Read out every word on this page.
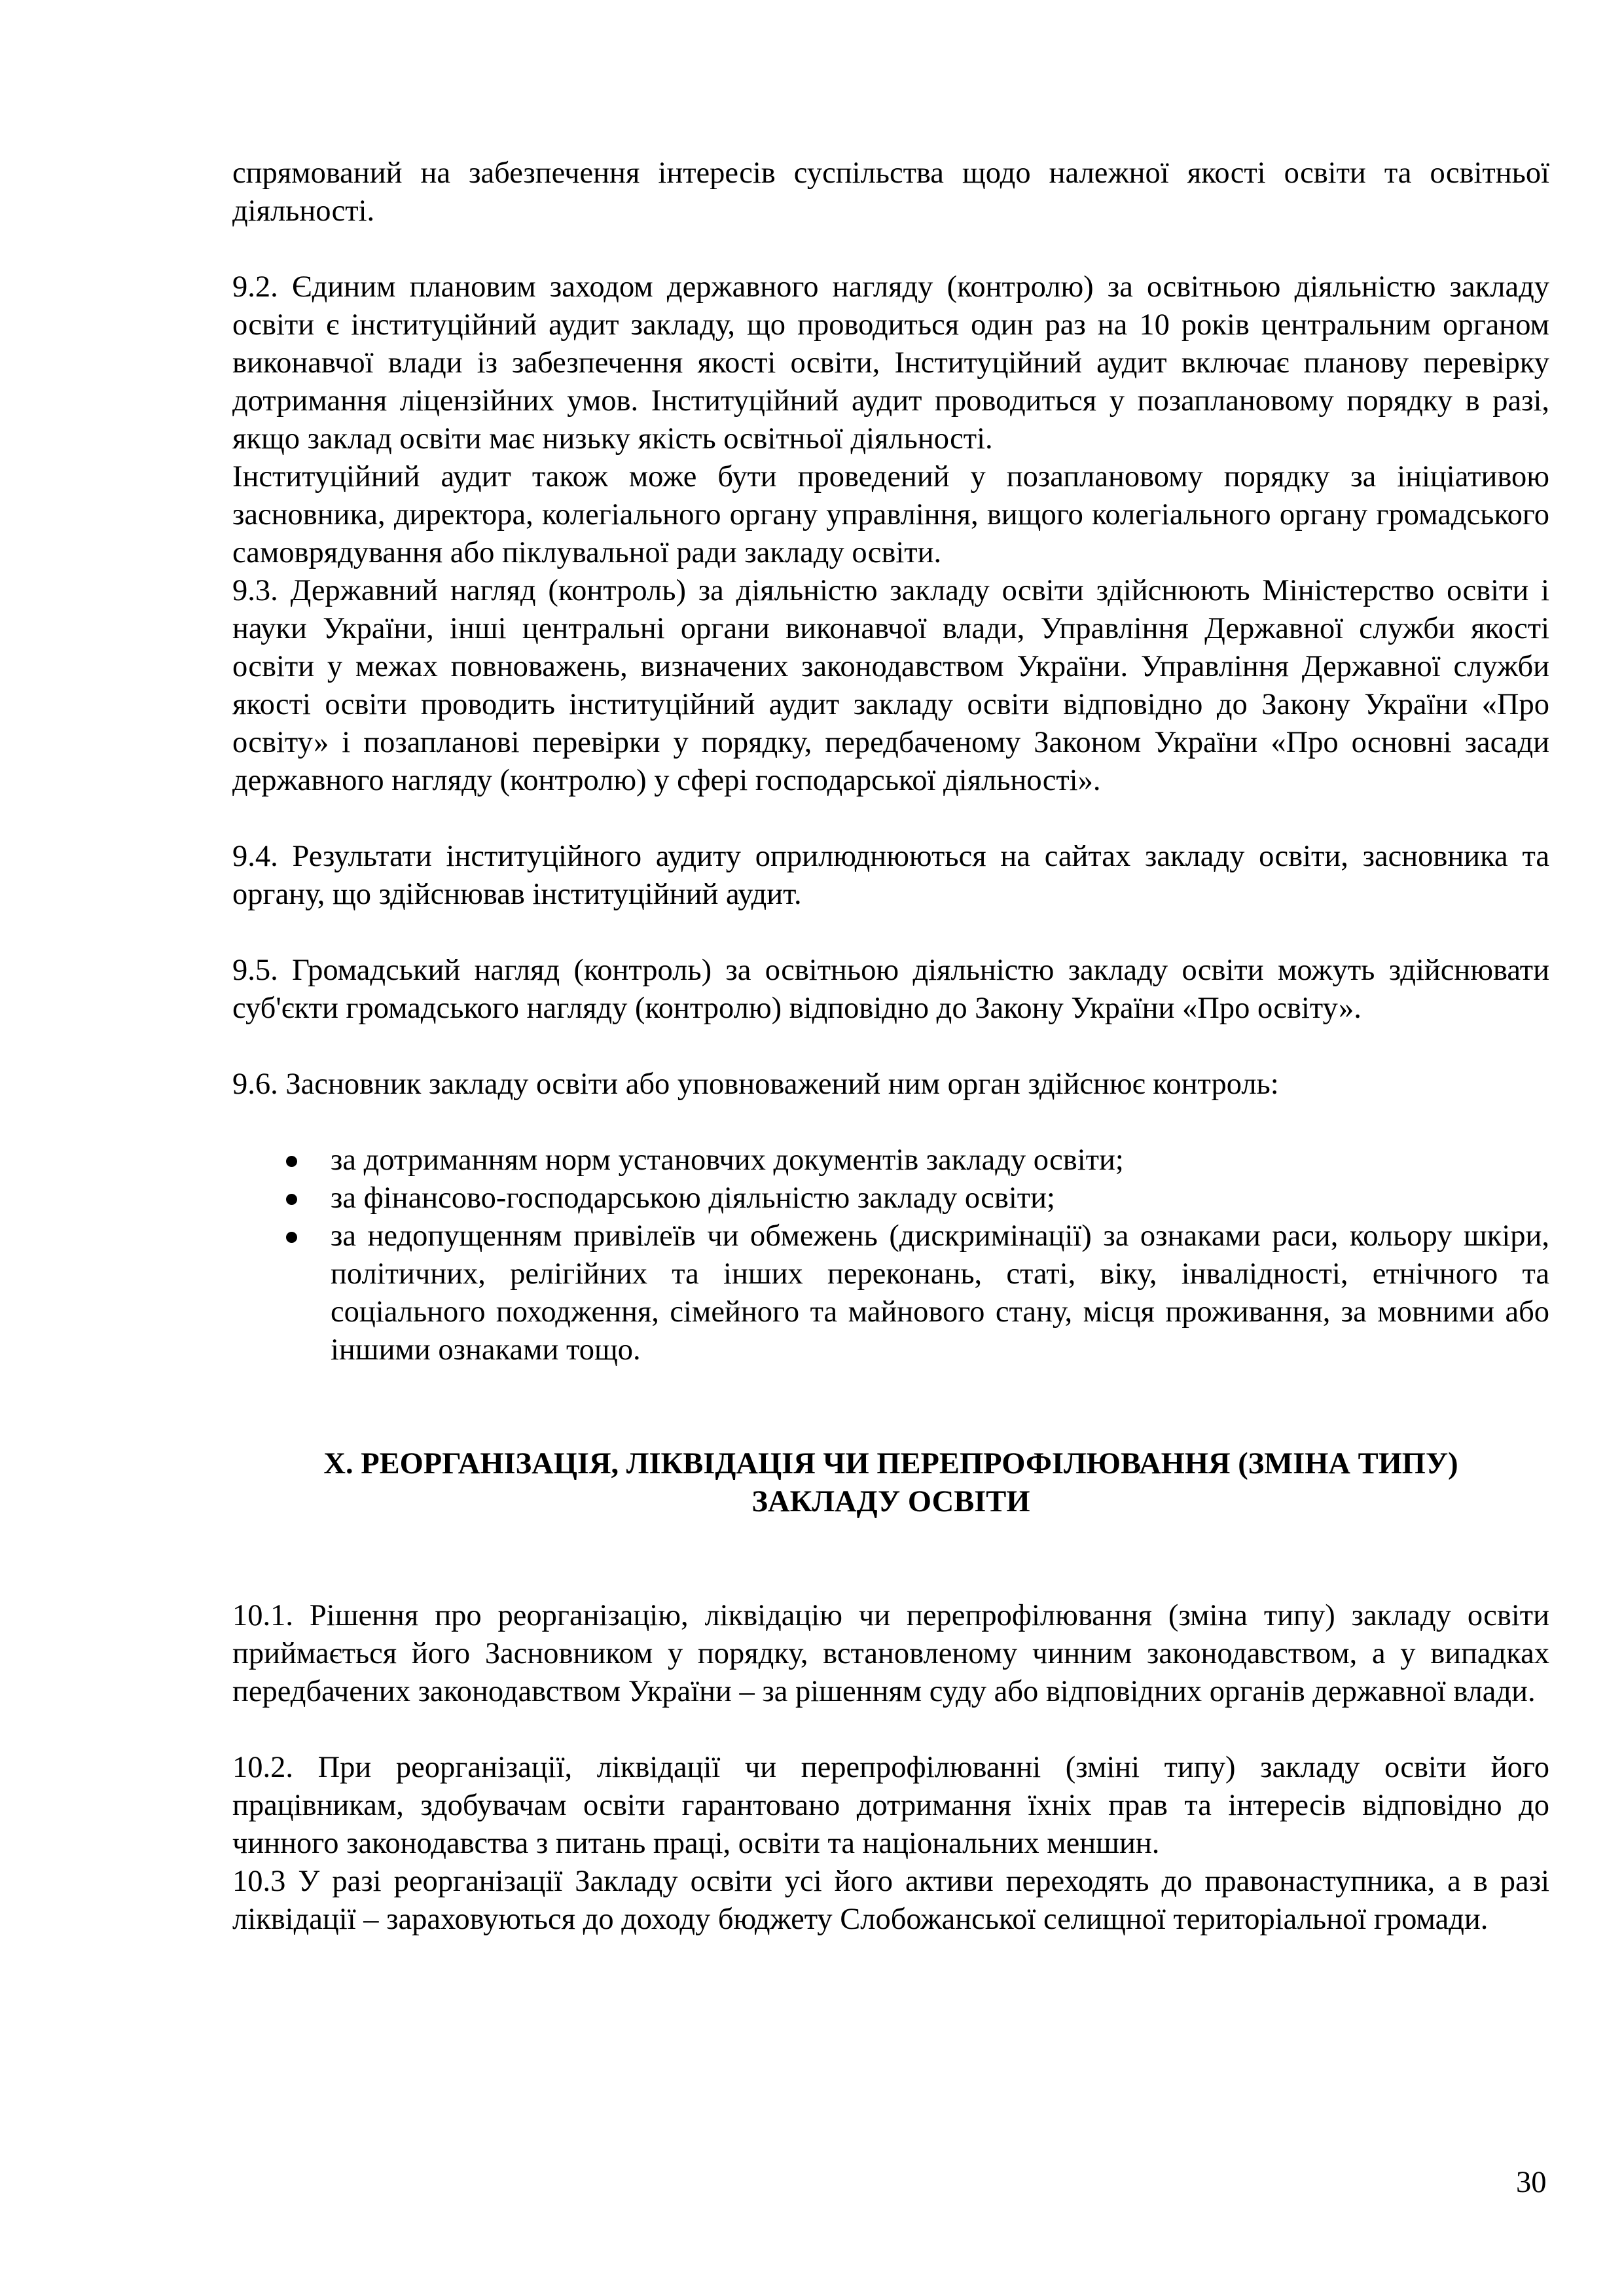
спрямований на забезпечення інтересів суспільства щодо належної якості освіти та освітньої діяльності.

9.2. Єдиним плановим заходом державного нагляду (контролю) за освітньою діяльністю закладу освіти є інституційний аудит закладу, що проводиться один раз на 10 років центральним органом виконавчої влади із забезпечення якості освіти, Інституційний аудит включає планову перевірку дотримання ліцензійних умов. Інституційний аудит проводиться у позаплановому порядку в разі, якщо заклад освіти має низьку якість освітньої діяльності.

Інституційний аудит також може бути проведений у позаплановому порядку за ініціативою засновника, директора, колегіального органу управління, вищого колегіального органу громадського самоврядування або піклувальної ради закладу освіти.

9.3. Державний нагляд (контроль) за діяльністю закладу освіти здійснюють Міністерство освіти і науки України, інші центральні органи виконавчої влади, Управління Державної служби якості освіти у межах повноважень, визначених законодавством України. Управління Державної служби якості освіти проводить інституційний аудит закладу освіти відповідно до Закону України «Про освіту» і позапланові перевірки у порядку, передбаченому Законом України «Про основні засади державного нагляду (контролю) у сфері господарської діяльності».

9.4. Результати інституційного аудиту оприлюднюються на сайтах закладу освіти, засновника та органу, що здійснював інституційний аудит.

9.5. Громадський нагляд (контроль) за освітньою діяльністю закладу освіти можуть здійснювати суб'єкти громадського нагляду (контролю) відповідно до Закону України «Про освіту».

9.6. Засновник закладу освіти або уповноважений ним орган здійснює контроль:

за дотриманням норм установчих документів закладу освіти;
за фінансово-господарською діяльністю закладу освіти;
за недопущенням привілеїв чи обмежень (дискримінації) за ознаками раси, кольору шкіри, політичних, релігійних та інших переконань, статі, віку, інвалідності, етнічного та соціального походження, сімейного та майнового стану, місця проживання, за мовними або іншими ознаками тощо.
X. РЕОРГАНІЗАЦІЯ, ЛІКВІДАЦІЯ ЧИ ПЕРЕПРОФІЛЮВАННЯ (ЗМІНА ТИПУ)
ЗАКЛАДУ ОСВІТИ

10.1. Рішення про реорганізацію, ліквідацію чи перепрофілювання (зміна типу) закладу освіти приймається його Засновником у порядку, встановленому чинним законодавством, а у випадках передбачених законодавством України – за рішенням суду або відповідних органів державної влади.

10.2. При реорганізації, ліквідації чи перепрофілюванні (зміні типу) закладу освіти його працівникам, здобувачам освіти гарантовано дотримання їхніх прав та інтересів відповідно до чинного законодавства з питань праці, освіти та національних меншин.

10.3 У разі реорганізації Закладу освіти усі його активи переходять до правонаступника, а в разі ліквідації – зараховуються до доходу бюджету Слобожанської селищної територіальної громади.

30
